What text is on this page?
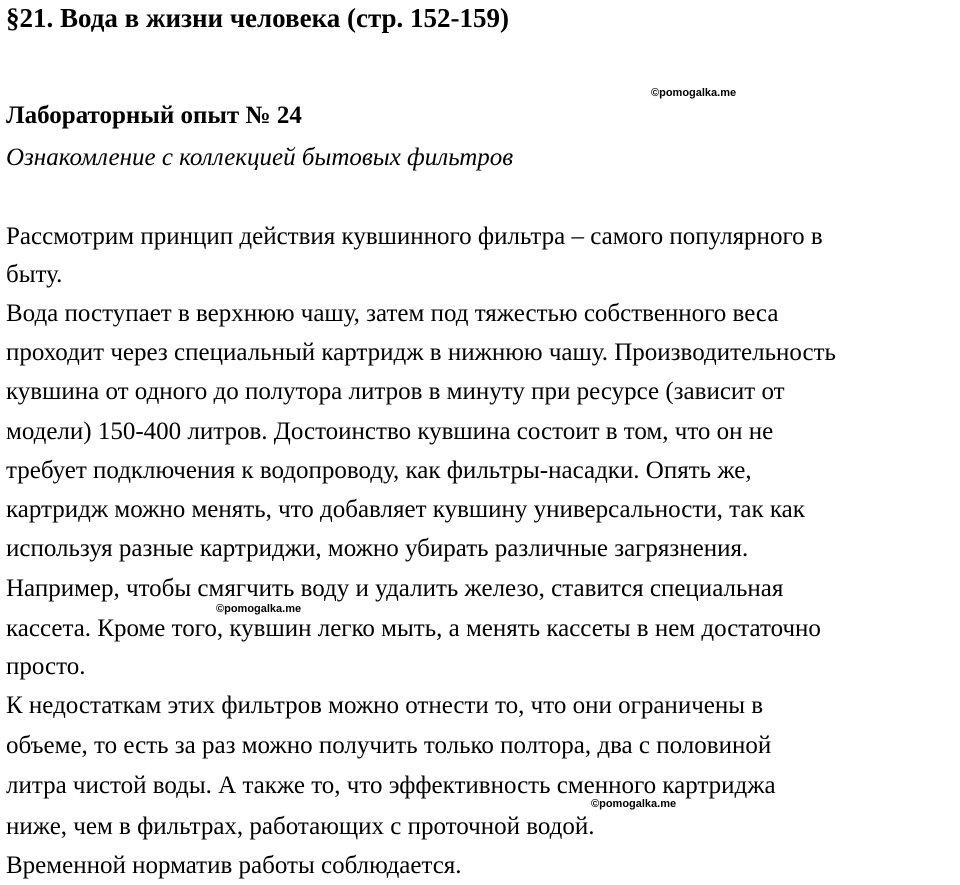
§21. Вода в жизни человека (стр. 152-159)
©pomogalka.me
Лабораторный опыт № 24
Ознакомление с коллекцией бытовых фильтров
Рассмотрим принцип действия кувшинного фильтра – самого популярного в
быту.
Вода поступает в верхнюю чашу, затем под тяжестью собственного веса
проходит через специальный картридж в нижнюю чашу. Производительность
кувшина от одного до полутора литров в минуту при ресурсе (зависит от
модели) 150-400 литров. Достоинство кувшина состоит в том, что он не
требует подключения к водопроводу, как фильтры-насадки. Опять же,
картридж можно менять, что добавляет кувшину универсальности, так как
используя разные картриджи, можно убирать различные загрязнения.
Например, чтобы смягчить воду и удалить железо, ставится специальная
©pomogalka.me
кассета. Кроме того, кувшин легко мыть, а менять кассеты в нем достаточно
просто.
К недостаткам этих фильтров можно отнести то, что они ограничены в
объеме, то есть за раз можно получить только полтора, два с половиной
литра чистой воды. А также то, что эффективность сменного картриджа
©pomogalka.me
ниже, чем в фильтрах, работающих с проточной водой.
Временной норматив работы соблюдается.
